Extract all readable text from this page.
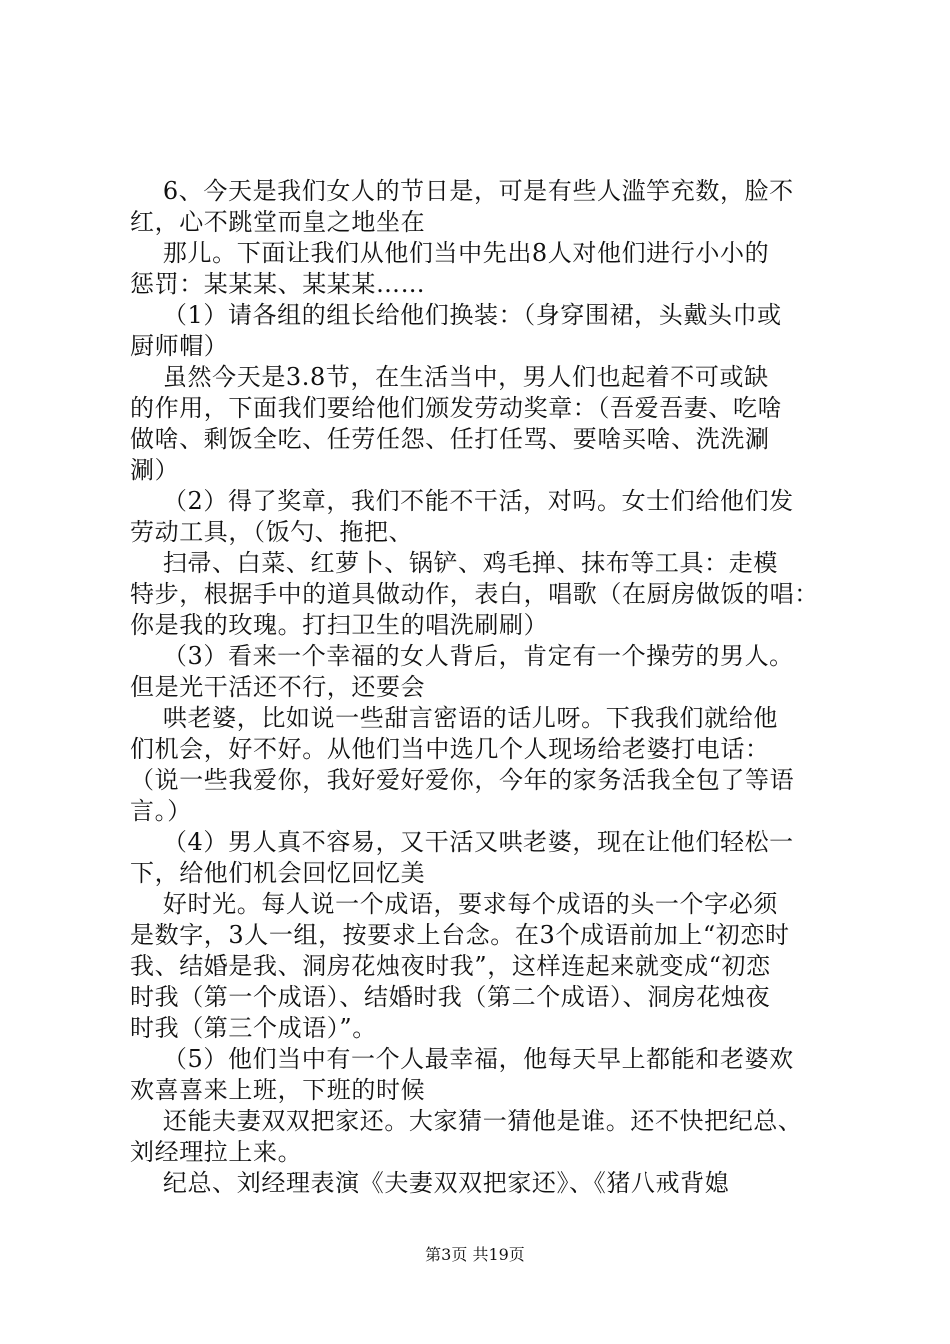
6、今天是我们女人的节日是，可是有些人滥竽充数，脸不
红，心不跳堂而皇之地坐在
那儿。下面让我们从他们当中先出8人对他们进行小小的
惩罚：某某某、某某某……
（1）请各组的组长给他们换装：（身穿围裙，头戴头巾或
厨师帽）
虽然今天是3.8节，在生活当中，男人们也起着不可或缺
的作用，下面我们要给他们颁发劳动奖章：（吾爱吾妻、吃啥
做啥、剩饭全吃、任劳任怨、任打任骂、要啥买啥、洗洗涮
涮）
（2）得了奖章，我们不能不干活，对吗。女士们给他们发
劳动工具，（饭勺、拖把、
扫帚、白菜、红萝卜、锅铲、鸡毛掸、抹布等工具：走模
特步，根据手中的道具做动作，表白，唱歌（在厨房做饭的唱：
你是我的玫瑰。打扫卫生的唱洗刷刷）
（3）看来一个幸福的女人背后，肯定有一个操劳的男人。
但是光干活还不行，还要会
哄老婆，比如说一些甜言密语的话儿呀。下我我们就给他
们机会，好不好。从他们当中选几个人现场给老婆打电话：
（说一些我爱你，我好爱好爱你，今年的家务活我全包了等语
言。）
（4）男人真不容易，又干活又哄老婆，现在让他们轻松一
下，给他们机会回忆回忆美
好时光。每人说一个成语，要求每个成语的头一个字必须
是数字，3人一组，按要求上台念。在3个成语前加上“初恋时
我、结婚是我、洞房花烛夜时我”，这样连起来就变成“初恋
时我（第一个成语）、结婚时我（第二个成语）、洞房花烛夜
时我（第三个成语）”。
（5）他们当中有一个人最幸福，他每天早上都能和老婆欢
欢喜喜来上班，下班的时候
还能夫妻双双把家还。大家猜一猜他是谁。还不快把纪总、
刘经理拉上来。
纪总、刘经理表演《夫妻双双把家还》、《猪八戒背媳
第3页 共19页
